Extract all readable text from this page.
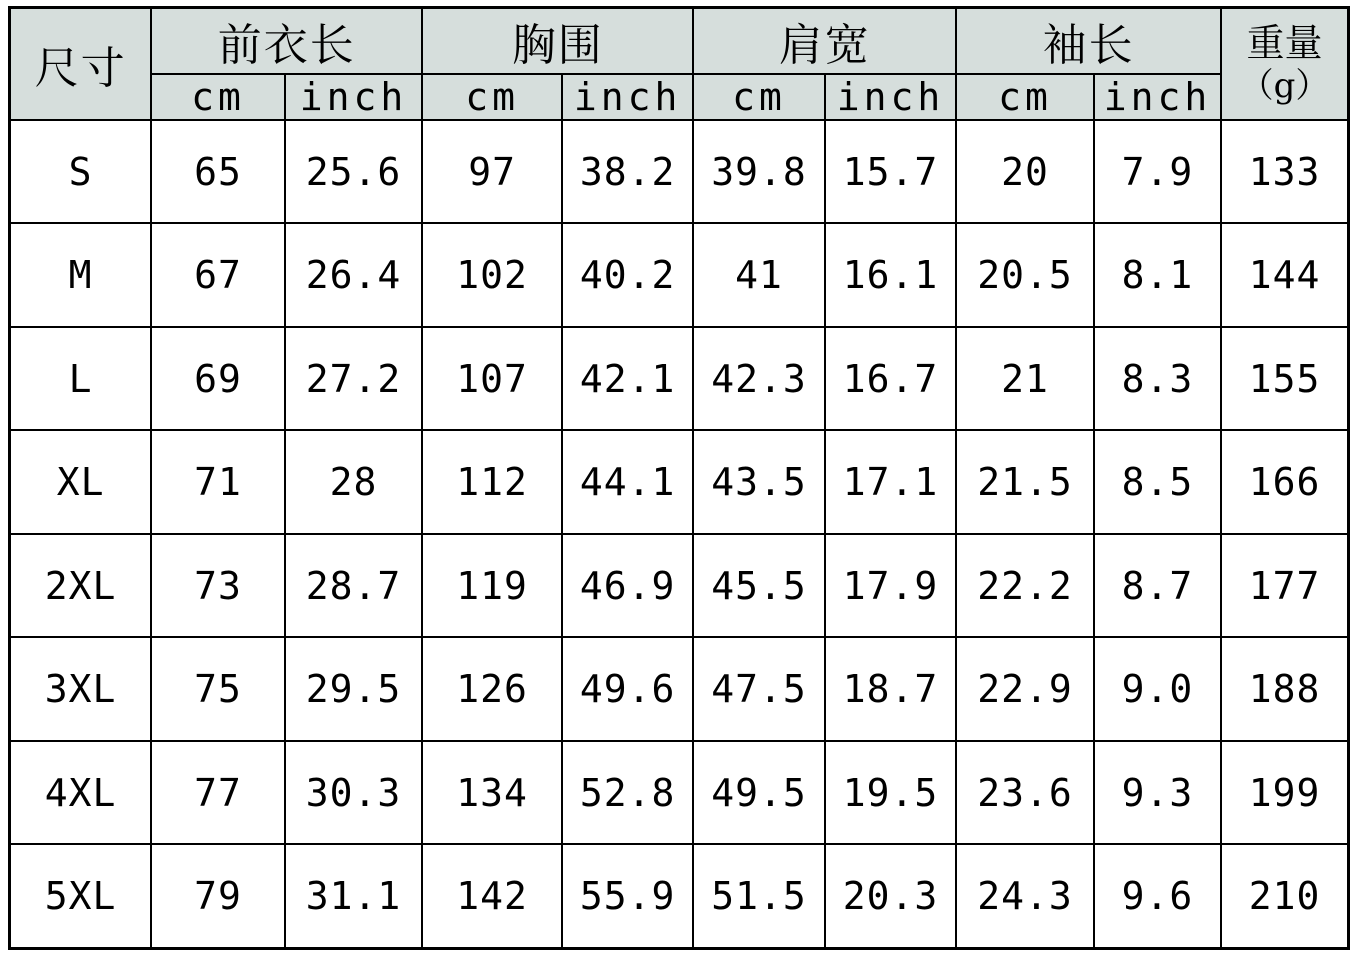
尺寸	前衣长		胸围		肩宽		袖长		重量
（g）

	cm	inch	cm	inch	cm	inch	cm	inch	
S	65	25.6	97	38.2	39.8	15.7	20	7.9	133
M	67	26.4	102	40.2	41	16.1	20.5	8.1	144
L	69	27.2	107	42.1	42.3	16.7	21	8.3	155
XL	71	28	112	44.1	43.5	17.1	21.5	8.5	166
2XL	73	28.7	119	46.9	45.5	17.9	22.2	8.7	177
3XL	75	29.5	126	49.6	47.5	18.7	22.9	9.0	188
4XL	77	30.3	134	52.8	49.5	19.5	23.6	9.3	199
5XL	79	31.1	142	55.9	51.5	20.3	24.3	9.6	210
